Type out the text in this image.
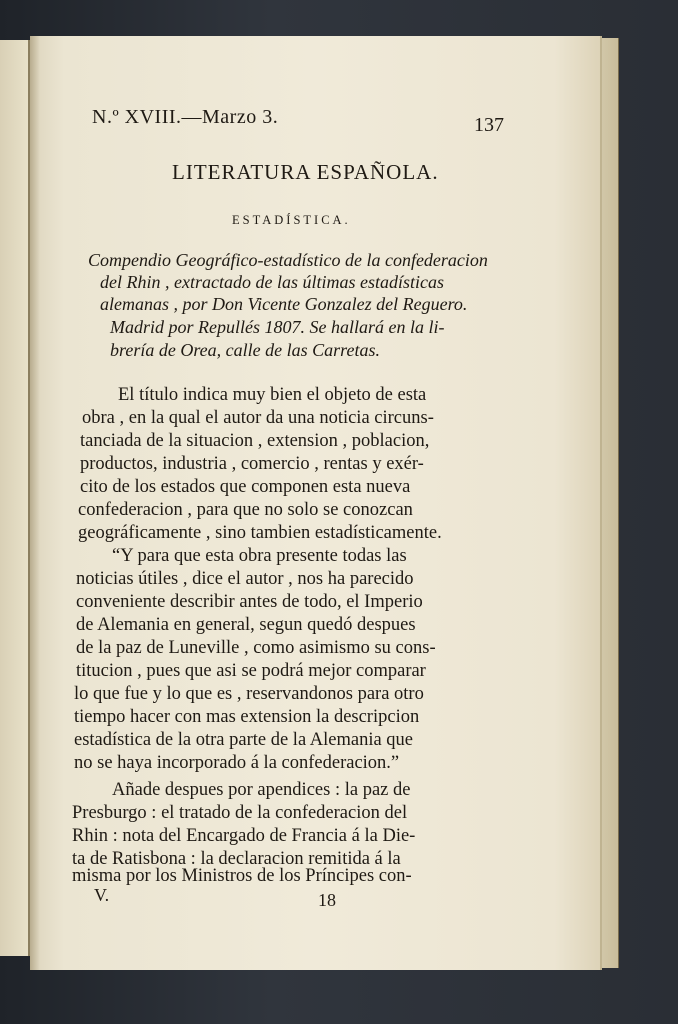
N.º XVIII.—Marzo 3.	137
LITERATURA ESPAÑOLA.
ESTADÍSTICA.
Compendio Geográfico-estadístico de la confederacion
del Rhin , extractado de las últimas estadísticas
alemanas , por Don Vicente Gonzalez del Reguero.
Madrid por Repullés 1807. Se hallará en la li-
brería de Orea, calle de las Carretas.
El título indica muy bien el objeto de esta
obra , en la qual el autor da una noticia circuns-
tanciada de la situacion , extension , poblacion,
productos, industria , comercio , rentas y exér-
cito de los estados que componen esta nueva
confederacion , para que no solo se conozcan
geográficamente , sino tambien estadísticamente.
“Y para que esta obra presente todas las
noticias útiles , dice el autor , nos ha parecido
conveniente describir antes de todo, el Imperio
de Alemania en general, segun quedó despues
de la paz de Luneville , como asimismo su cons-
titucion , pues que asi se podrá mejor comparar
lo que fue y lo que es , reservandonos para otro
tiempo hacer con mas extension la descripcion
estadística de la otra parte de la Alemania que
no se haya incorporado á la confederacion.”
Añade despues por apendices : la paz de
Presburgo : el tratado de la confederacion del
Rhin : nota del Encargado de Francia á la Die-
ta de Ratisbona : la declaracion remitida á la
misma por los Ministros de los Príncipes con-
V.	18
